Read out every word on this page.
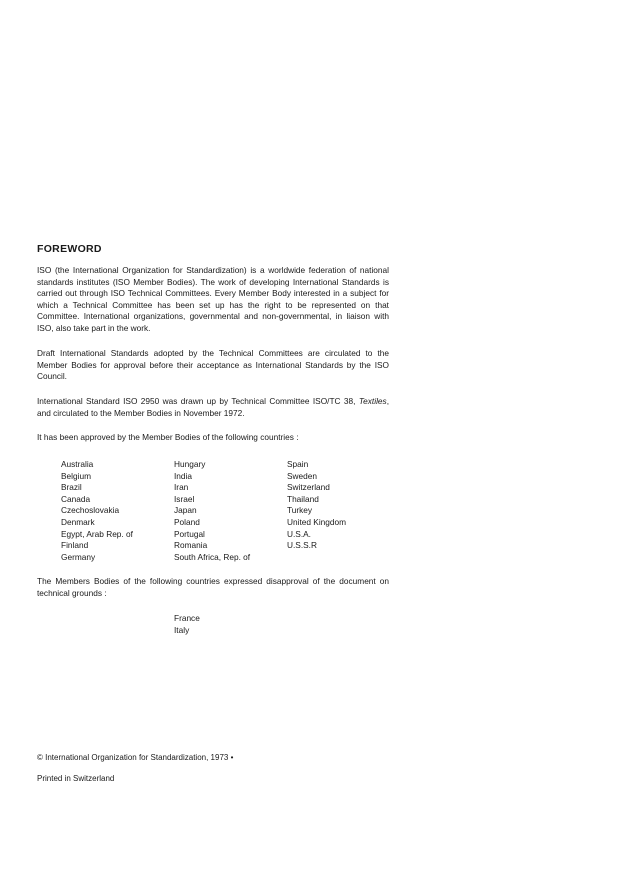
FOREWORD

ISO (the International Organization for Standardization) is a worldwide federation of national standards institutes (ISO Member Bodies). The work of developing International Standards is carried out through ISO Technical Committees. Every Member Body interested in a subject for which a Technical Committee has been set up has the right to be represented on that Committee. International organizations, governmental and non-governmental, in liaison with ISO, also take part in the work.

Draft International Standards adopted by the Technical Committees are circulated to the Member Bodies for approval before their acceptance as International Standards by the ISO Council.

International Standard ISO 2950 was drawn up by Technical Committee ISO/TC 38, Textiles, and circulated to the Member Bodies in November 1972.

It has been approved by the Member Bodies of the following countries :

Australia
Belgium
Brazil
Canada
Czechoslovakia
Denmark
Egypt, Arab Rep. of
Finland
Germany
Hungary
India
Iran
Israel
Japan
Poland
Portugal
Romania
South Africa, Rep. of
Spain
Sweden
Switzerland
Thailand
Turkey
United Kingdom
U.S.A.
U.S.S.R

The Members Bodies of the following countries expressed disapproval of the document on technical grounds :

France
Italy
© International Organization for Standardization, 1973 •
Printed in Switzerland
